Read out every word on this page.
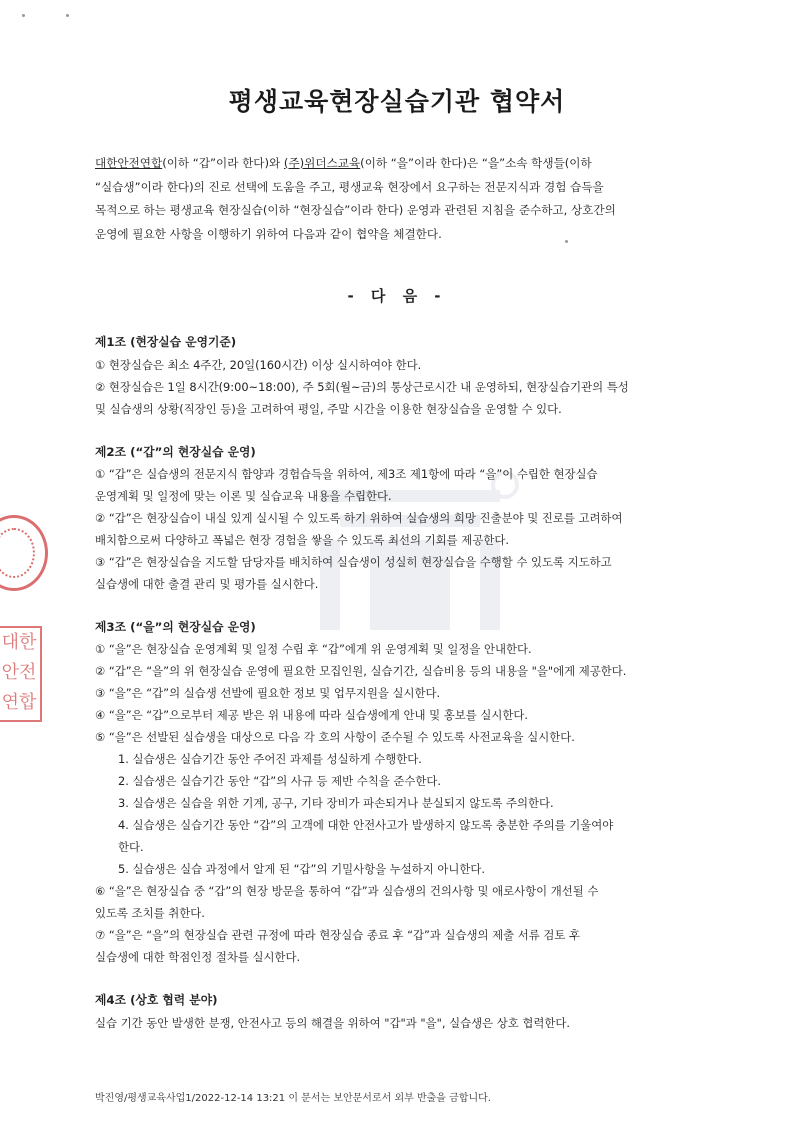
대한
안전
연합
평생교육현장실습기관 협약서

대한안전연합(이하 “갑”이라 한다)와 (주)위더스교육(이하 “을”이라 한다)은 “을”소속 학생들(이하
“실습생”이라 한다)의 진로 선택에 도움을 주고, 평생교육 현장에서 요구하는 전문지식과 경험 습득을
목적으로 하는 평생교육 현장실습(이하 “현장실습”이라 한다) 운영과 관련된 지침을 준수하고, 상호간의
운영에 필요한 사항을 이행하기 위하여 다음과 같이 협약을 체결한다.

- 다 음 -

제1조 (현장실습 운영기준)

① 현장실습은 최소 4주간, 20일(160시간) 이상 실시하여야 한다.

② 현장실습은 1일 8시간(9:00~18:00), 주 5회(월~금)의 통상근로시간 내 운영하되, 현장실습기관의 특성

및 실습생의 상황(직장인 등)을 고려하여 평일, 주말 시간을 이용한 현장실습을 운영할 수 있다.

제2조 (“갑”의 현장실습 운영)

① “갑”은 실습생의 전문지식 함양과 경험습득을 위하여, 제3조 제1항에 따라 “을”이 수립한 현장실습

운영계획 및 일정에 맞는 이론 및 실습교육 내용을 수립한다.

② “갑”은 현장실습이 내실 있게 실시될 수 있도록 하기 위하여 실습생의 희망 진출분야 및 진로를 고려하여

배치함으로써 다양하고 폭넓은 현장 경험을 쌓을 수 있도록 최선의 기회를 제공한다.

③ “갑”은 현장실습을 지도할 담당자를 배치하여 실습생이 성실히 현장실습을 수행할 수 있도록 지도하고

실습생에 대한 출결 관리 및 평가를 실시한다.

제3조 (“을”의 현장실습 운영)

① “을”은 현장실습 운영계획 및 일정 수립 후 “갑”에게 위 운영계획 및 일정을 안내한다.

② “갑”은 “을”의 위 현장실습 운영에 필요한 모집인원, 실습기간, 실습비용 등의 내용을 "을"에게 제공한다.

③ “을”은 “갑”의 실습생 선발에 필요한 정보 및 업무지원을 실시한다.

④ “을”은 “갑”으로부터 제공 받은 위 내용에 따라 실습생에게 안내 및 홍보를 실시한다.

⑤ “을”은 선발된 실습생을 대상으로 다음 각 호의 사항이 준수될 수 있도록 사전교육을 실시한다.

1. 실습생은 실습기간 동안 주어진 과제를 성실하게 수행한다.

2. 실습생은 실습기간 동안 “갑”의 사규 등 제반 수칙을 준수한다.

3. 실습생은 실습을 위한 기계, 공구, 기타 장비가 파손되거나 분실되지 않도록 주의한다.

4. 실습생은 실습기간 동안 “갑”의 고객에 대한 안전사고가 발생하지 않도록 충분한 주의를 기울여야

한다.

5. 실습생은 실습 과정에서 알게 된 “갑”의 기밀사항을 누설하지 아니한다.

⑥ “을”은 현장실습 중 “갑”의 현장 방문을 통하여 “갑”과 실습생의 건의사항 및 애로사항이 개선될 수

있도록 조치를 취한다.

⑦ “을”은 “을”의 현장실습 관련 규정에 따라 현장실습 종료 후 “갑”과 실습생의 제출 서류 검토 후

실습생에 대한 학점인정 절차를 실시한다.

제4조 (상호 협력 분야)

실습 기간 동안 발생한 분쟁, 안전사고 등의 해결을 위하여 "갑"과 "을", 실습생은 상호 협력한다.

박진영/평생교육사업1/2022-12-14 13:21 이 문서는 보안문서로서 외부 반출을 금합니다.
